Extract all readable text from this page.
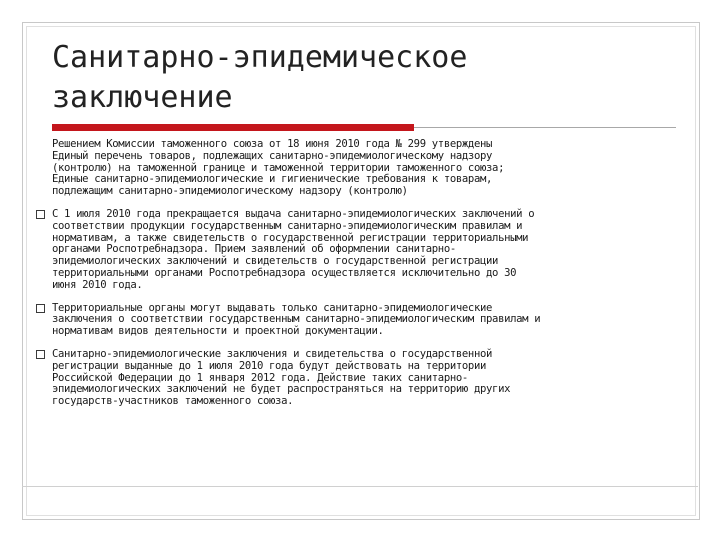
Санитарно-эпидемическое
заключение
Решением Комиссии таможенного союза от 18 июня 2010 года № 299 утверждены
Единый перечень товаров, подлежащих санитарно-эпидемиологическому надзору
(контролю) на таможенной границе и таможенной территории таможенного союза;
Единые санитарно-эпидемиологические и гигиенические требования к товарам,
подлежащим санитарно-эпидемиологическому надзору (контролю)
С 1 июля 2010 года прекращается выдача санитарно-эпидемиологических заключений о
соответствии продукции государственным санитарно-эпидемиологическим правилам и
нормативам, а также свидетельств о государственной регистрации территориальными
органами Роспотребнадзора. Прием заявлений об оформлении санитарно-
эпидемиологических заключений и свидетельств о государственной регистрации
территориальными органами Роспотребнадзора осуществляется исключительно до 30
июня 2010 года.
Территориальные органы могут выдавать только санитарно-эпидемиологические
заключения о соответствии государственным санитарно-эпидемиологическим правилам и
нормативам видов деятельности и проектной документации.
Санитарно-эпидемиологические заключения и свидетельства о государственной
регистрации выданные до 1 июля 2010 года будут действовать на территории
Российской Федерации до 1 января 2012 года. Действие таких санитарно-
эпидемиологических заключений не будет распространяться на территорию других
государств-участников таможенного союза.
